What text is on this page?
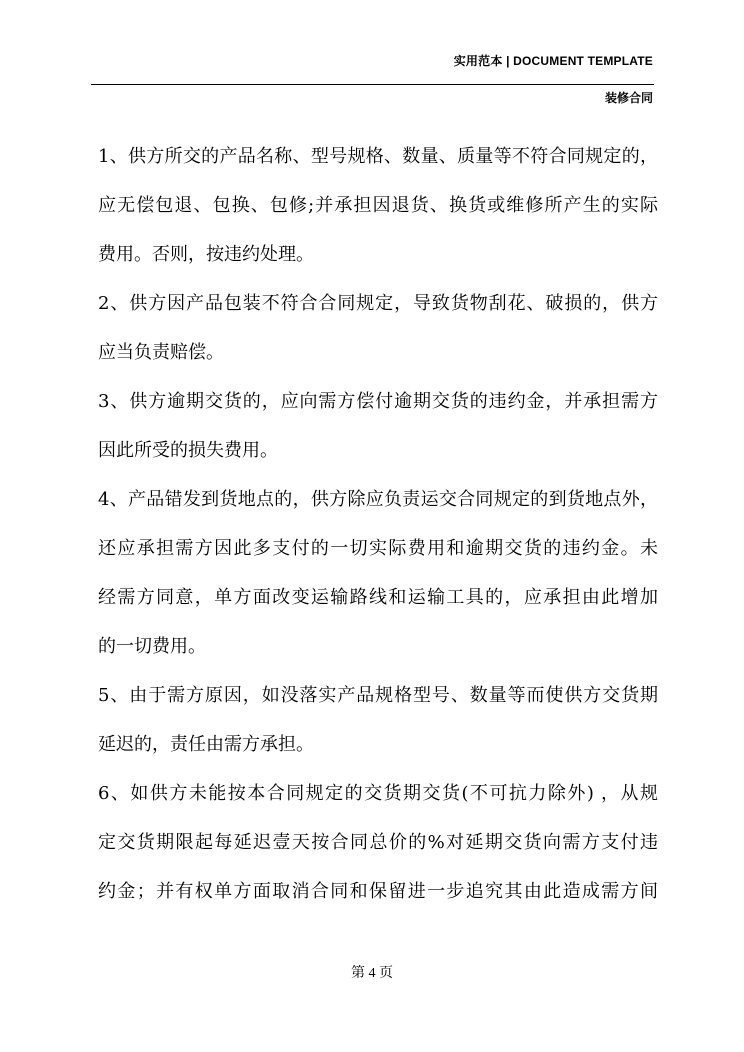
实用范本 | DOCUMENT TEMPLATE
装修合同
1、供方所交的产品名称、型号规格、数量、质量等不符合同规定的，
应无偿包退、包换、包修;并承担因退货、换货或维修所产生的实际
费用。否则，按违约处理。
2、供方因产品包装不符合合同规定，导致货物刮花、破损的，供方
应当负责赔偿。
3、供方逾期交货的，应向需方偿付逾期交货的违约金，并承担需方
因此所受的损失费用。
4、产品错发到货地点的，供方除应负责运交合同规定的到货地点外，
还应承担需方因此多支付的一切实际费用和逾期交货的违约金。未
经需方同意，单方面改变运输路线和运输工具的，应承担由此增加
的一切费用。
5、由于需方原因，如没落实产品规格型号、数量等而使供方交货期
延迟的，责任由需方承担。
6、如供方未能按本合同规定的交货期交货(不可抗力除外) ，从规
定交货期限起每延迟壹天按合同总价的%对延期交货向需方支付违
约金；并有权单方面取消合同和保留进一步追究其由此造成需方间
第 4 页
